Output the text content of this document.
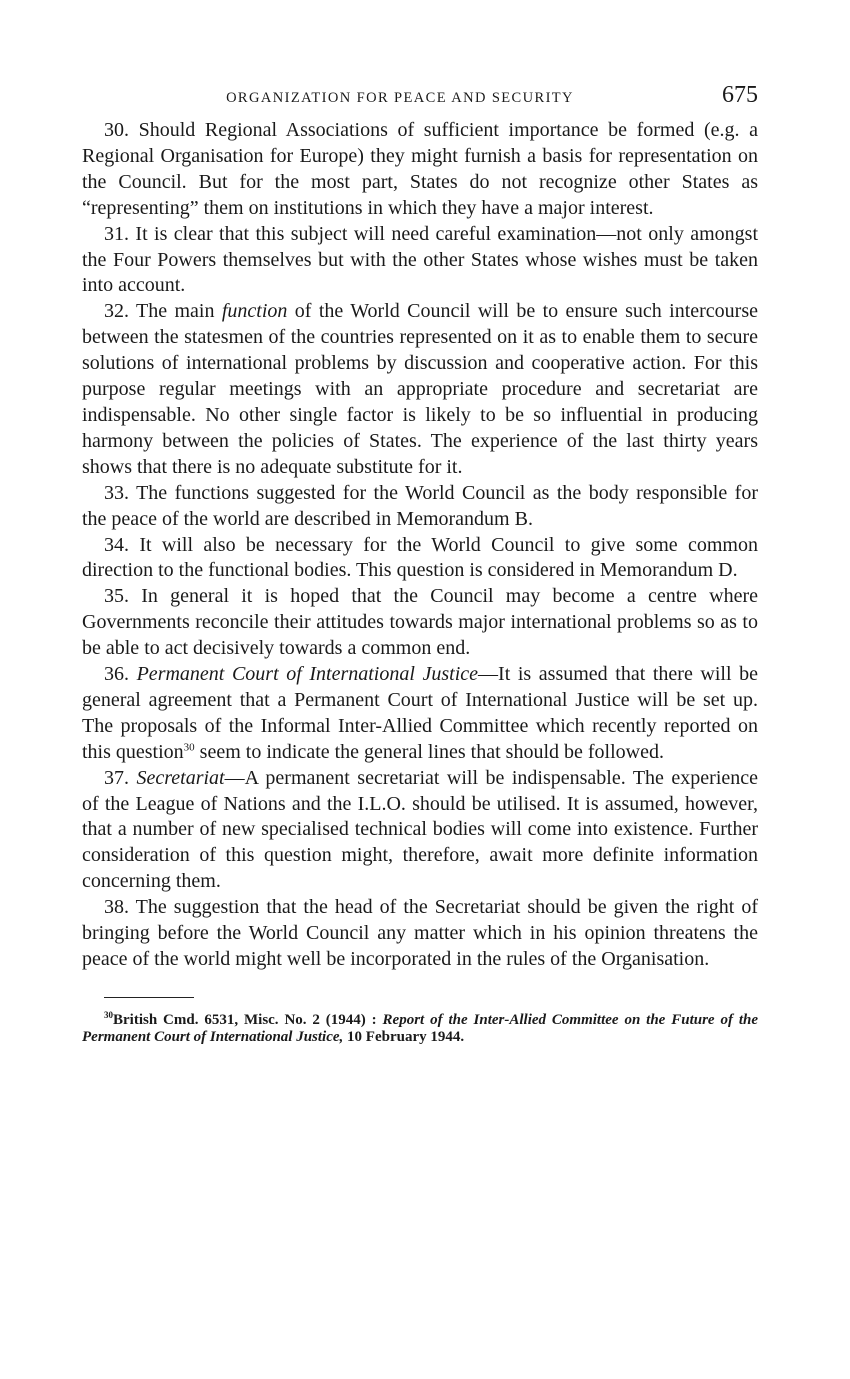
ORGANIZATION FOR PEACE AND SECURITY	675

30. Should Regional Associations of sufficient importance be formed (e.g. a Regional Organisation for Europe) they might furnish a basis for representation on the Council. But for the most part, States do not recognize other States as “representing” them on institutions in which they have a major interest.

31. It is clear that this subject will need careful examination—not only amongst the Four Powers themselves but with the other States whose wishes must be taken into account.

32. The main function of the World Council will be to ensure such intercourse between the statesmen of the countries represented on it as to enable them to secure solutions of international problems by discussion and cooperative action. For this purpose regular meetings with an appropriate procedure and secretariat are indispensable. No other single factor is likely to be so influential in producing harmony between the policies of States. The experience of the last thirty years shows that there is no adequate substitute for it.

33. The functions suggested for the World Council as the body responsible for the peace of the world are described in Memorandum B.

34. It will also be necessary for the World Council to give some common direction to the functional bodies. This question is considered in Memorandum D.

35. In general it is hoped that the Council may become a centre where Governments reconcile their attitudes towards major international problems so as to be able to act decisively towards a common end.

36. Permanent Court of International Justice—It is assumed that there will be general agreement that a Permanent Court of International Justice will be set up. The proposals of the Informal Inter-Allied Committee which recently reported on this question$^{30}$ seem to indicate the general lines that should be followed.

37. Secretariat—A permanent secretariat will be indispensable. The experience of the League of Nations and the I.L.O. should be utilised. It is assumed, however, that a number of new specialised technical bodies will come into existence. Further consideration of this question might, therefore, await more definite information concerning them.

38. The suggestion that the head of the Secretariat should be given the right of bringing before the World Council any matter which in his opinion threatens the peace of the world might well be incorporated in the rules of the Organisation.

$^{30}$British Cmd. 6531, Misc. No. 2 (1944) : Report of the Inter-Allied Committee on the Future of the Permanent Court of International Justice, 10 February 1944.
